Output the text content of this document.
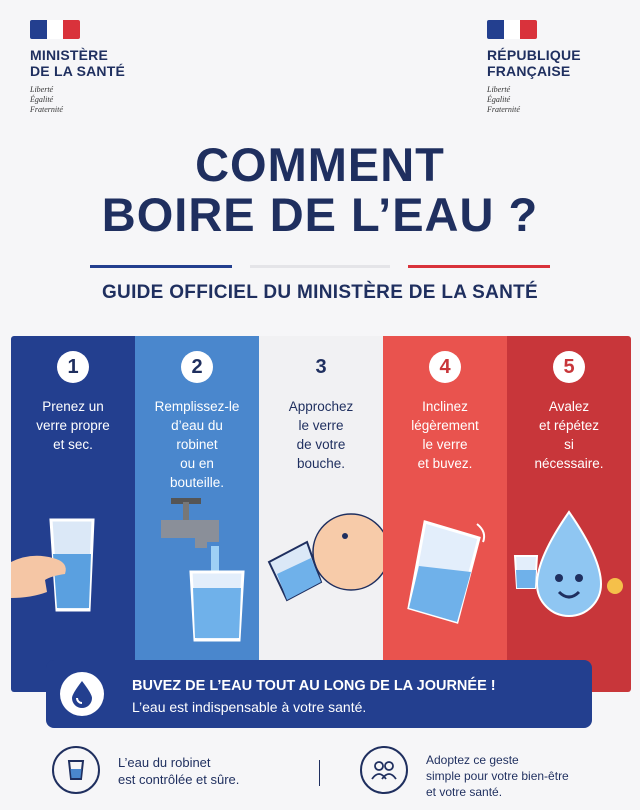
MINISTÈRE
DE LA SANTÉ
Liberté
Égalité
Fraternité
RÉPUBLIQUE
FRANÇAISE
Liberté
Égalité
Fraternité
COMMENT
BOIRE DE L’EAU ?
GUIDE OFFICIEL DU MINISTÈRE DE LA SANTÉ
1
Prenez un
verre propre
et sec.
2
Remplissez-le
d’eau du
robinet
ou en
bouteille.
3
Approchez
le verre
de votre
bouche.
4
Inclinez
légèrement
le verre
et buvez.
5
Avalez
et répétez
si
nécessaire.
BUVEZ DE L’EAU TOUT AU LONG DE LA JOURNÉE !
L’eau est indispensable à votre santé.
L’eau du robinet
est contrôlée et sûre.
Adoptez ce geste
simple pour votre bien-être
et votre santé.
